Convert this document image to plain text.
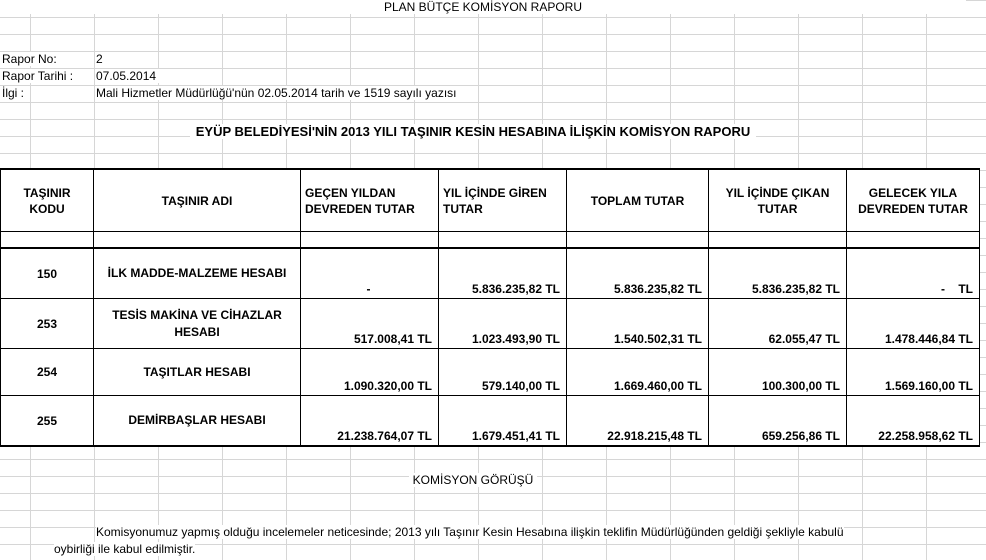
PLAN BÜTÇE KOMİSYON RAPORU
Rapor No:	2
Rapor Tarihi :	07.05.2014
İlgi :	Mali Hizmetler Müdürlüğü'nün 02.05.2014 tarih ve 1519 sayılı yazısı
EYÜP BELEDİYESİ'NİN 2013 YILI TAŞINIR KESİN HESABINA İLİŞKİN KOMİSYON RAPORU
TAŞINIR KODU	TAŞINIR ADI	GEÇEN YILDAN DEVREDEN TUTAR	YIL İÇİNDE GİREN TUTAR	TOPLAM TUTAR	YIL İÇİNDE ÇIKAN TUTAR	GELECEK YILA DEVREDEN TUTAR

150	İLK MADDE-MALZEME HESABI	-	5.836.235,82 TL	5.836.235,82 TL	5.836.235,82 TL	-    TL
253	TESİS MAKİNA VE CİHAZLAR HESABI	517.008,41 TL	1.023.493,90 TL	1.540.502,31 TL	62.055,47 TL	1.478.446,84 TL
254	TAŞITLAR HESABI	1.090.320,00 TL	579.140,00 TL	1.669.460,00 TL	100.300,00 TL	1.569.160,00 TL
255	DEMİRBAŞLAR HESABI	21.238.764,07 TL	1.679.451,41 TL	22.918.215,48 TL	659.256,86 TL	22.258.958,62 TL
KOMİSYON GÖRÜŞÜ
Komisyonumuz yapmış olduğu incelemeler neticesinde; 2013 yılı Taşınır Kesin Hesabına ilişkin teklifin Müdürlüğünden geldiği şekliyle kabulü
oybirliği ile kabul edilmiştir.
